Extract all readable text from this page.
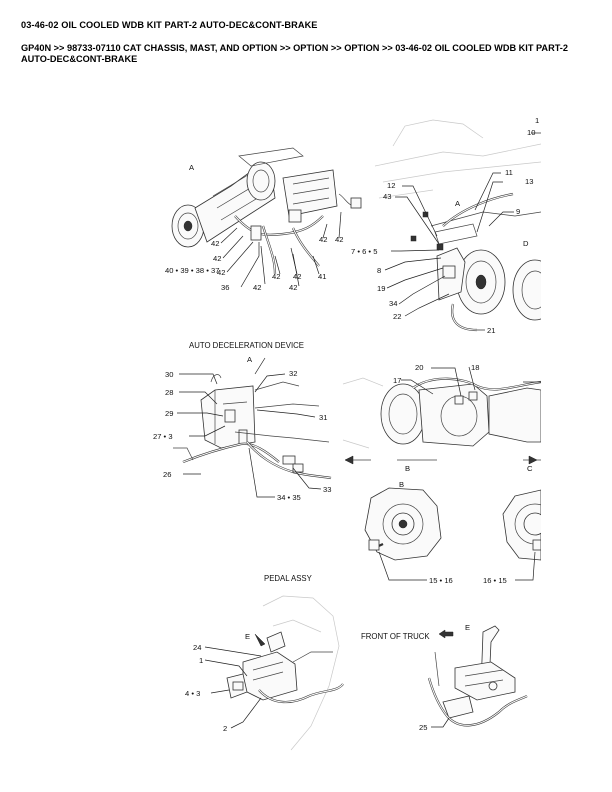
03-46-02 OIL COOLED WDB KIT PART-2 AUTO-DEC&CONT-BRAKE
GP40N >> 98733-07110 CAT CHASSIS, MAST, AND OPTION >> OPTION >> OPTION >> 03-46-02 OIL COOLED WDB KIT PART-2 AUTO-DEC&CONT-BRAKE
1
10
11
13
12
43
9
A
D
A
42
42
42
40 • 39 • 38 • 37
36	42
42
42
42
42 42
41
7 • 6 • 5
8
19
34
22
21
AUTO DECELERATION DEVICE
A
30	32
28
29	31
27 • 3
26
33
34 • 35
20	18
17
B	C
B
15 • 16	16 • 15
PEDAL ASSY
E
24
1
4 • 3
2
FRONT OF TRUCK
E
25
